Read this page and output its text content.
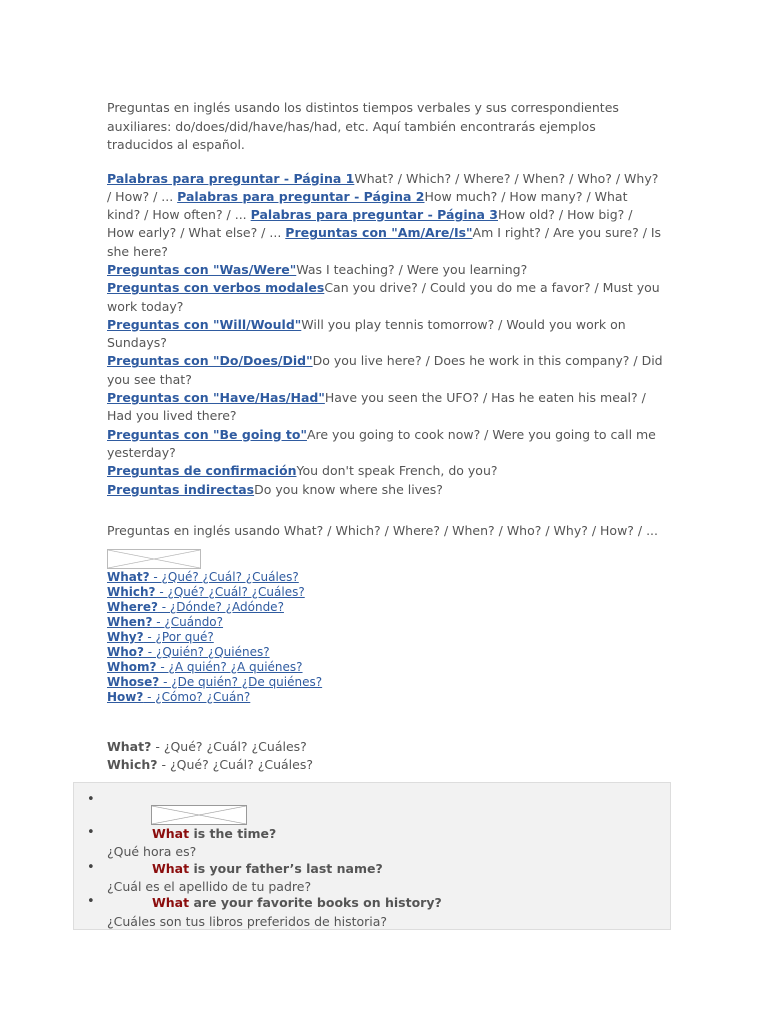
Preguntas en inglés usando los distintos tiempos verbales y sus correspondientes auxiliares: do/does/did/have/has/had, etc. Aquí también encontrarás ejemplos traducidos al español.

Palabras para preguntar - Página 1What? / Which? / Where? / When? / Who? / Why? / How? / ... Palabras para preguntar - Página 2How much? / How many? / What kind? / How often? / ... Palabras para preguntar - Página 3How old? / How big? / How early? / What else? / ... Preguntas con "Am/Are/Is"Am I right? / Are you sure? / Is she here?
Preguntas con "Was/Were"Was I teaching? / Were you learning?
Preguntas con verbos modalesCan you drive? / Could you do me a favor? / Must you work today?
Preguntas con "Will/Would"Will you play tennis tomorrow? / Would you work on Sundays?
Preguntas con "Do/Does/Did"Do you live here? / Does he work in this company? / Did you see that?
Preguntas con "Have/Has/Had"Have you seen the UFO? / Has he eaten his meal? / Had you lived there?
Preguntas con "Be going to"Are you going to cook now? / Were you going to call me yesterday?
Preguntas de confirmaciónYou don't speak French, do you?
Preguntas indirectasDo you know where she lives?
Preguntas en inglés usando What? / Which? / Where? / When? / Who? / Why? / How? / ...
What? - ¿Qué? ¿Cuál? ¿Cuáles?
Which? - ¿Qué? ¿Cuál? ¿Cuáles?
Where? - ¿Dónde? ¿Adónde?
When? - ¿Cuándo?
Why? - ¿Por qué?
Who? - ¿Quién? ¿Quiénes?
Whom? - ¿A quién? ¿A quiénes?
Whose? - ¿De quién? ¿De quiénes?
How? - ¿Cómo? ¿Cuán?
What? - ¿Qué? ¿Cuál? ¿Cuáles?
Which? - ¿Qué? ¿Cuál? ¿Cuáles?
•
•	What is the time?
¿Qué hora es?
•	What is your father’s last name?
¿Cuál es el apellido de tu padre?
•	What are your favorite books on history?
¿Cuáles son tus libros preferidos de historia?
